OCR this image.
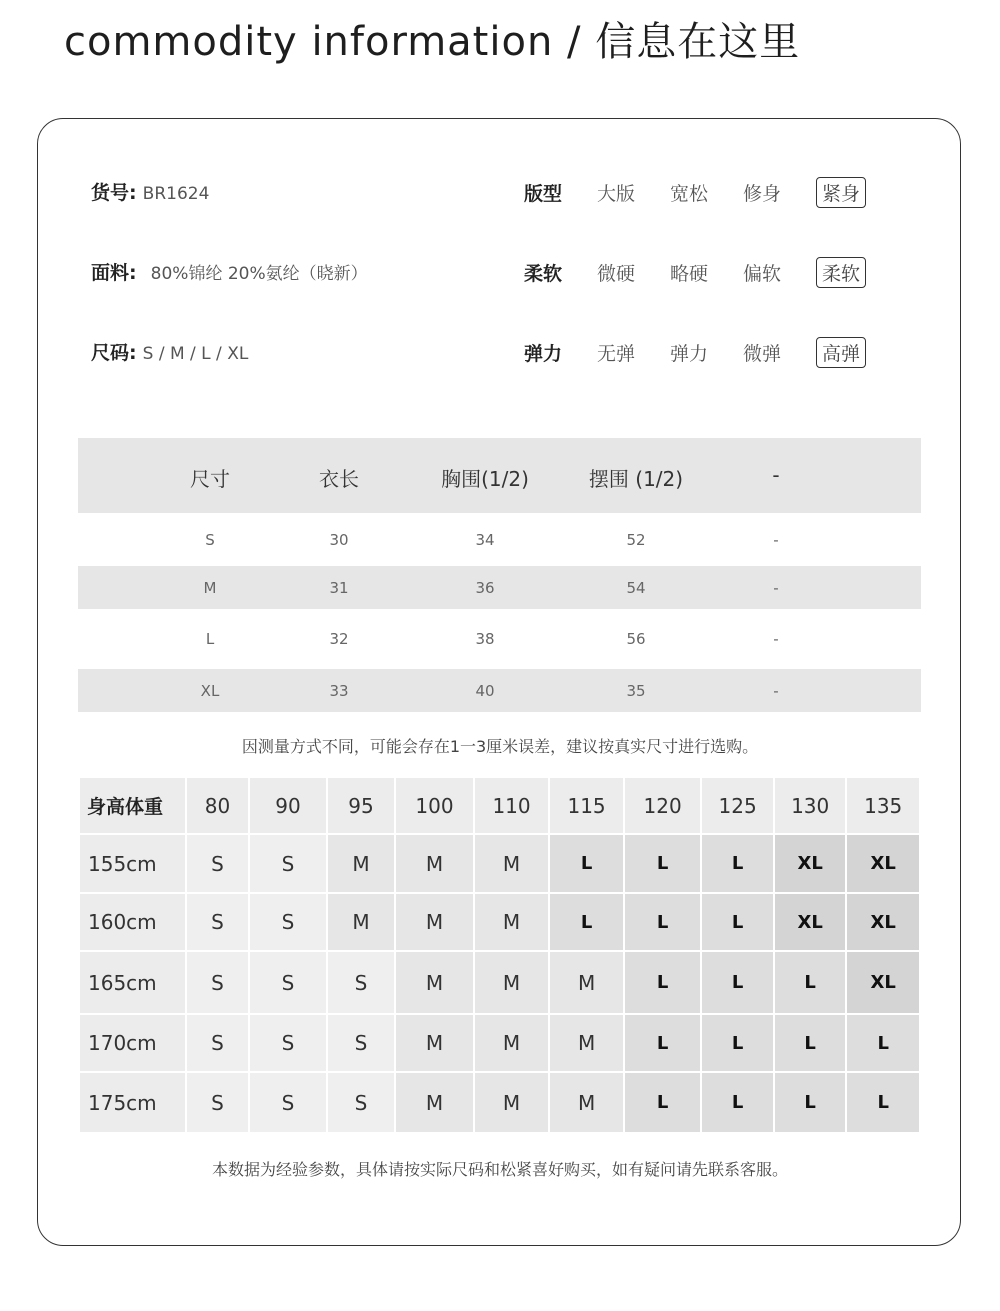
commodity information / 信息在这里
货号: BR1624
面料: 80%锦纶 20%氨纶（晓新）
尺码: S / M / L / XL
版型	大版	宽松	修身	紧身
柔软	微硬	略硬	偏软	柔软
弹力	无弹	弹力	微弹	高弹
尺寸	衣长	胸围(1/2)	摆围 (1/2)	-
S	30	34	52	-
M	31	36	54	-
L	32	38	56	-
XL	33	40	35	-
因测量方式不同，可能会存在1一3厘米误差，建议按真实尺寸进行选购。
身高体重	80	90	95	100	110	115	120	125	130	135
155cm	S	S	M	M	M	L	L	L	XL	XL
160cm	S	S	M	M	M	L	L	L	XL	XL
165cm	S	S	S	M	M	M	L	L	L	XL
170cm	S	S	S	M	M	M	L	L	L	L
175cm	S	S	S	M	M	M	L	L	L	L
本数据为经验参数，具体请按实际尺码和松紧喜好购买，如有疑问请先联系客服。
